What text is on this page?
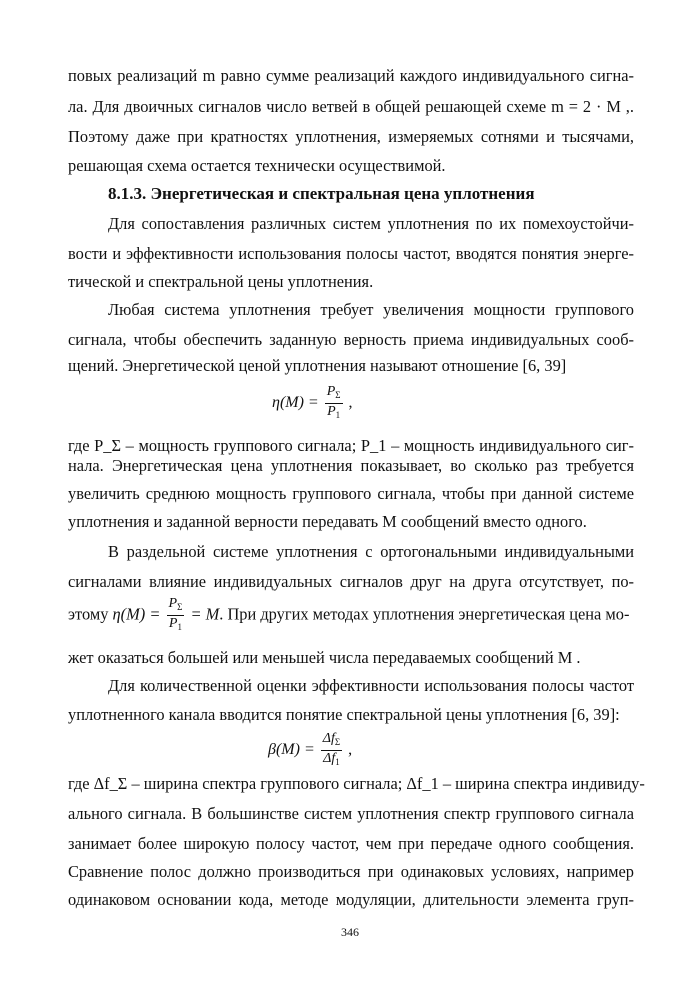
повых реализаций m равно сумме реализаций каждого индивидуального сигна-
ла. Для двоичных сигналов число ветвей в общей решающей схеме m = 2 · M ,.
Поэтому даже при кратностях уплотнения, измеряемых сотнями и тысячами,
решающая схема остается технически осуществимой.
8.1.3. Энергетическая и спектральная цена уплотнения
Для сопоставления различных систем уплотнения по их помехоустойчи-
вости и эффективности использования полосы частот, вводятся понятия энерге-
тической и спектральной цены уплотнения.
Любая система уплотнения требует увеличения мощности группового
сигнала, чтобы обеспечить заданную верность приема индивидуальных сооб-
щений. Энергетической ценой уплотнения называют отношение [6, 39]
$\eta(M) = \frac{P_\Sigma}{P_1}$ ,
где P_Σ – мощность группового сигнала; P_1 – мощность индивидуального сиг-
нала. Энергетическая цена уплотнения показывает, во сколько раз требуется
увеличить среднюю мощность группового сигнала, чтобы при данной системе
уплотнения и заданной верности передавать M сообщений вместо одного.
В раздельной системе уплотнения с ортогональными индивидуальными
сигналами влияние индивидуальных сигналов друг на друга отсутствует, по-
этому $\eta(M) = \frac{P_\Sigma}{P_1} = M$. При других методах уплотнения энергетическая цена мо-
жет оказаться большей или меньшей числа передаваемых сообщений M .
Для количественной оценки эффективности использования полосы частот
уплотненного канала вводится понятие спектральной цены уплотнения [6, 39]:
$\beta(M) = \frac{\Delta f_\Sigma}{\Delta f_1}$ ,
где Δf_Σ – ширина спектра группового сигнала; Δf_1 – ширина спектра индивиду-
ального сигнала. В большинстве систем уплотнения спектр группового сигнала
занимает более широкую полосу частот, чем при передаче одного сообщения.
Сравнение полос должно производиться при одинаковых условиях, например
одинаковом основании кода, методе модуляции, длительности элемента груп-
346
